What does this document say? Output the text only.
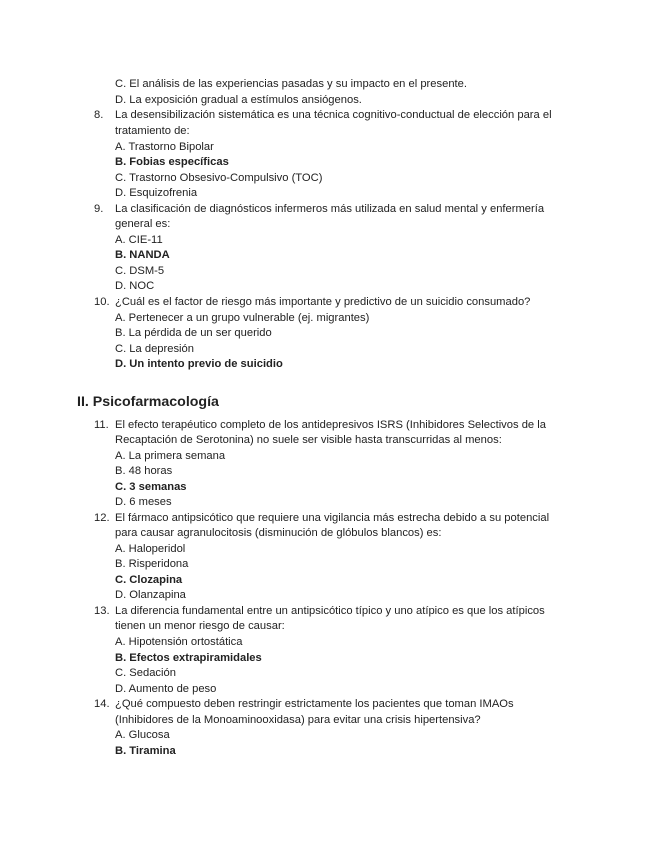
C. El análisis de las experiencias pasadas y su impacto en el presente.
D. La exposición gradual a estímulos ansiógenos.
8.	La desensibilización sistemática es una técnica cognitivo-conductual de elección para el
tratamiento de:
A. Trastorno Bipolar
B. Fobias específicas
C. Trastorno Obsesivo-Compulsivo (TOC)
D. Esquizofrenia
9.	La clasificación de diagnósticos infermeros más utilizada en salud mental y enfermería
general es:
A. CIE-11
B. NANDA
C. DSM-5
D. NOC
10. ¿Cuál es el factor de riesgo más importante y predictivo de un suicidio consumado?
A. Pertenecer a un grupo vulnerable (ej. migrantes)
B. La pérdida de un ser querido
C. La depresión
D. Un intento previo de suicidio
II. Psicofarmacología
11. El efecto terapéutico completo de los antidepresivos ISRS (Inhibidores Selectivos de la
Recaptación de Serotonina) no suele ser visible hasta transcurridas al menos:
A. La primera semana
B. 48 horas
C. 3 semanas
D. 6 meses
12. El fármaco antipsicótico que requiere una vigilancia más estrecha debido a su potencial
para causar agranulocitosis (disminución de glóbulos blancos) es:
A. Haloperidol
B. Risperidona
C. Clozapina
D. Olanzapina
13. La diferencia fundamental entre un antipsicótico típico y uno atípico es que los atípicos
tienen un menor riesgo de causar:
A. Hipotensión ortostática
B. Efectos extrapiramidales
C. Sedación
D. Aumento de peso
14. ¿Qué compuesto deben restringir estrictamente los pacientes que toman IMAOs
(Inhibidores de la Monoaminooxidasa) para evitar una crisis hipertensiva?
A. Glucosa
B. Tiramina
